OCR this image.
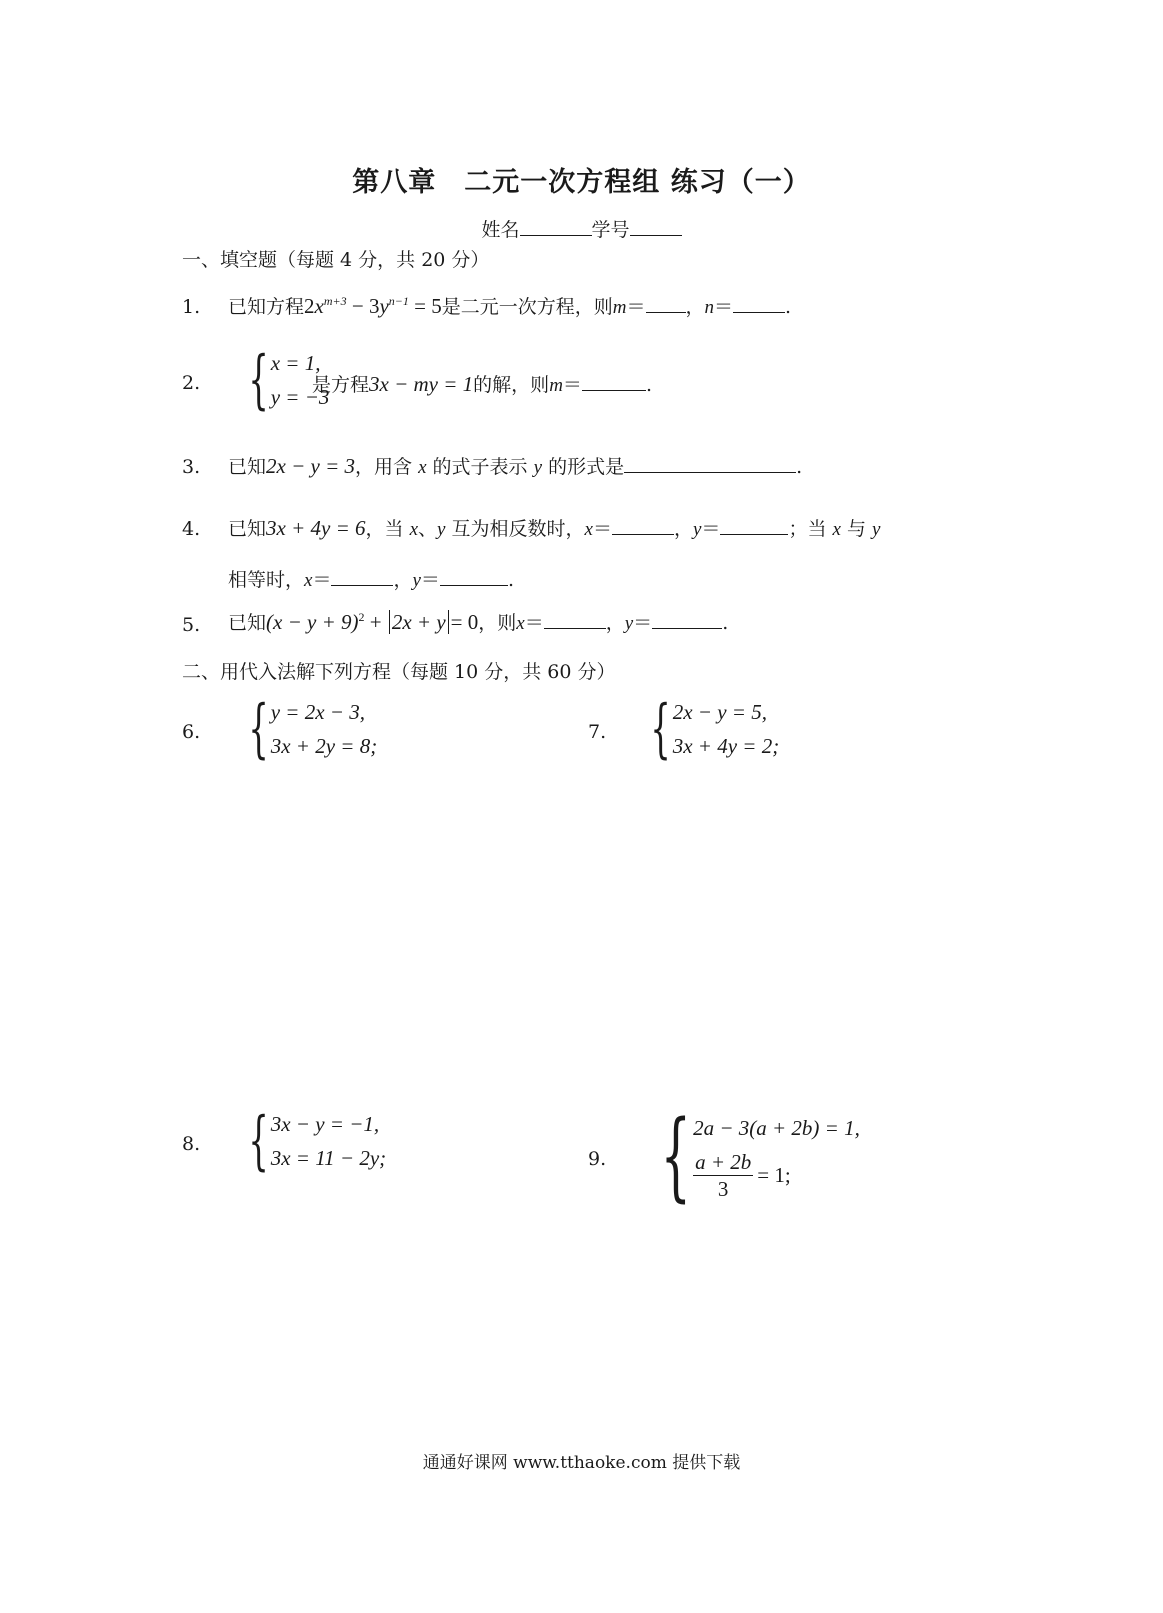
第八章　二元一次方程组 练习（一）
姓名	学号
一、填空题（每题 4 分，共 20 分）
1. 已知方程$2x^{m+3} - 3y^{n-1} = 5$是二元一次方程，则m＝ ，n＝	.
2. { x = 1,
y = −3
是方程3x − my = 1的解，则m＝	.
3. 已知2x − y = 3，用含 x 的式子表示 y 的形式是	.
4. 已知3x + 4y = 6，当 x、y 互为相反数时，x＝	，y＝	；当 x 与 y
相等时，x＝	，y＝	.
5. 已知$(x - y + 9)^2 + 2x + y = 0$，则x＝	，y＝	.
二、用代入法解下列方程（每题 10 分，共 60 分）
6. { y = 2x − 3,
3x + 2y = 8;
7. { 2x − y = 5,
3x + 4y = 2;
8. { 3x − y = −1,
3x = 11 − 2y;	9. { 2a − 3(a + 2b) = 1,
$\frac{a + 2b}{3} = 1$;
通通好课网 www.tthaoke.com 提供下载
